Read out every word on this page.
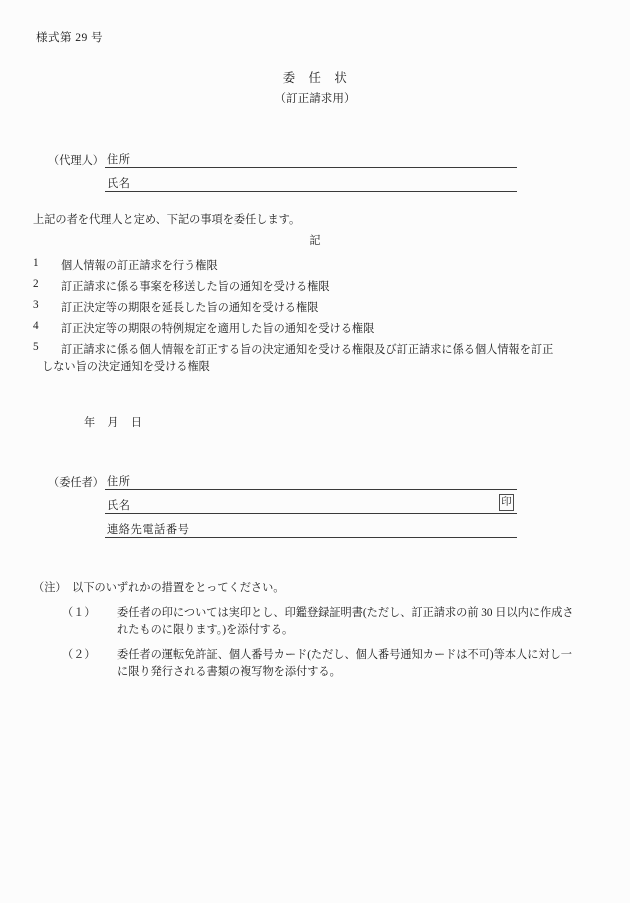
様式第 29 号
委　任　状
（訂正請求用）
（代理人） 住所
氏名
上記の者を代理人と定め、下記の事項を委任します。
記
1	個人情報の訂正請求を行う権限
2	訂正請求に係る事案を移送した旨の通知を受ける権限
3	訂正決定等の期限を延長した旨の通知を受ける権限
4	訂正決定等の期限の特例規定を適用した旨の通知を受ける権限
5	訂正請求に係る個人情報を訂正する旨の決定通知を受ける権限及び訂正請求に係る個人情報を訂正
しない旨の決定通知を受ける権限
年　月　日
（委任者） 住所
氏名	印
連絡先電話番号
（注）　以下のいずれかの措置をとってください。
（１） 委任者の印については実印とし、印鑑登録証明書(ただし、訂正請求の前 30 日以内に作成さ
れたものに限ります。)を添付する。
（２） 委任者の運転免許証、個人番号カード(ただし、個人番号通知カードは不可)等本人に対し一
に限り発行される書類の複写物を添付する。
